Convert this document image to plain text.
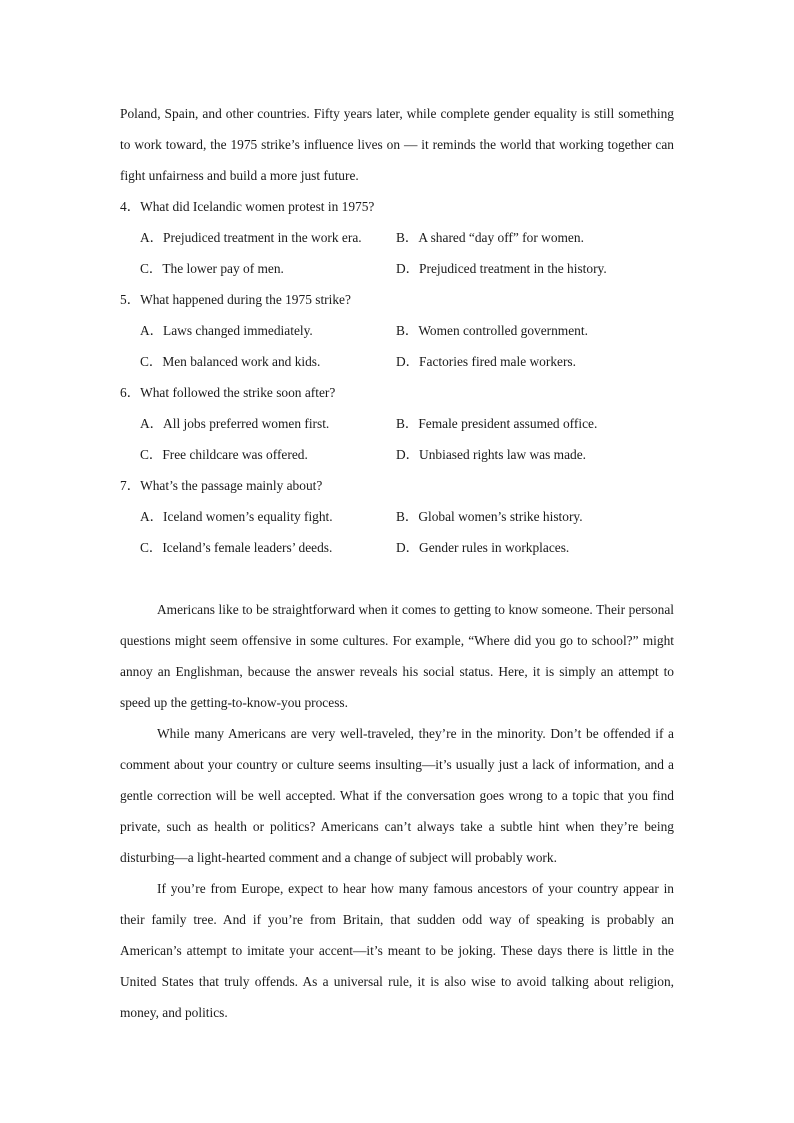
Poland, Spain, and other countries. Fifty years later, while complete gender equality is still something to work toward, the 1975 strike’s influence lives on — it reminds the world that working together can fight unfairness and build a more just future.

4．What did Icelandic women protest in 1975?
A．Prejudiced treatment in the work era.	B．A shared “day off” for women.
C．The lower pay of men.	D．Prejudiced treatment in the history.
5．What happened during the 1975 strike?
A．Laws changed immediately.	B．Women controlled government.
C．Men balanced work and kids.	D．Factories fired male workers.
6．What followed the strike soon after?
A．All jobs preferred women first.	B．Female president assumed office.
C．Free childcare was offered.	D．Unbiased rights law was made.
7．What’s the passage mainly about?
A．Iceland women’s equality fight.	B．Global women’s strike history.
C．Iceland’s female leaders’ deeds.	D．Gender rules in workplaces.

Americans like to be straightforward when it comes to getting to know someone. Their personal questions might seem offensive in some cultures. For example, “Where did you go to school?” might annoy an Englishman, because the answer reveals his social status. Here, it is simply an attempt to speed up the getting-to-know-you process.

While many Americans are very well-traveled, they’re in the minority. Don’t be offended if a comment about your country or culture seems insulting—it’s usually just a lack of information, and a gentle correction will be well accepted. What if the conversation goes wrong to a topic that you find private, such as health or politics? Americans can’t always take a subtle hint when they’re being disturbing—a light-hearted comment and a change of subject will probably work.

If you’re from Europe, expect to hear how many famous ancestors of your country appear in their family tree. And if you’re from Britain, that sudden odd way of speaking is probably an American’s attempt to imitate your accent—it’s meant to be joking. These days there is little in the United States that truly offends. As a universal rule, it is also wise to avoid talking about religion, money, and politics.
